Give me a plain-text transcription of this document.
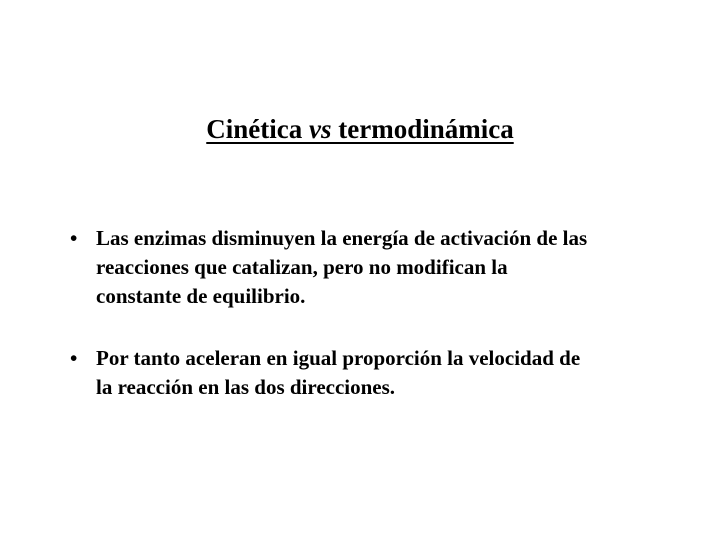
Cinética vs termodinámica
• Las enzimas disminuyen la energía de activación de las
reacciones que catalizan, pero no modifican la
constante de equilibrio.
• Por tanto aceleran en igual proporción la velocidad de
la reacción en las dos direcciones.
